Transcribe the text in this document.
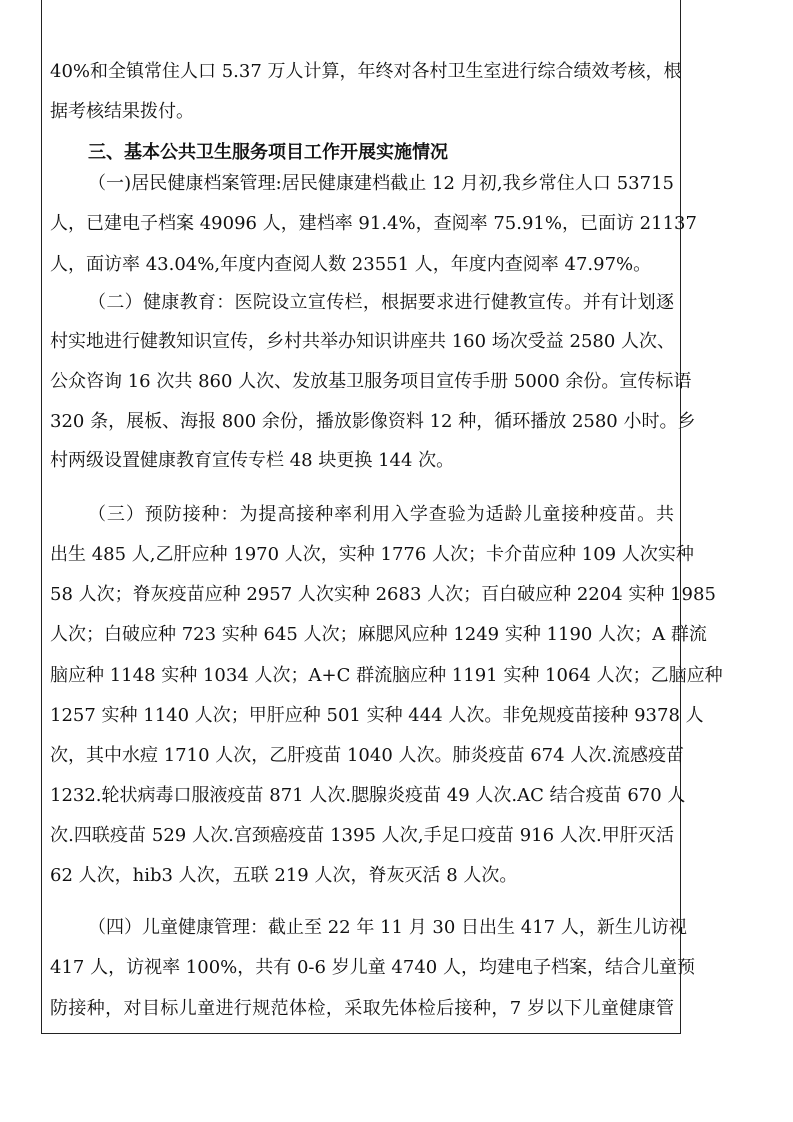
40%和全镇常住人口 5.37 万人计算，年终对各村卫生室进行综合绩效考核，根
据考核结果拨付。
三、基本公共卫生服务项目工作开展实施情况
（一)居民健康档案管理:居民健康建档截止 12 月初,我乡常住人口 53715
人，已建电子档案 49096 人，建档率 91.4%，查阅率 75.91%，已面访 21137
人，面访率 43.04%,年度内查阅人数 23551 人，年度内查阅率 47.97%。
（二）健康教育：医院设立宣传栏，根据要求进行健教宣传。并有计划逐
村实地进行健教知识宣传，乡村共举办知识讲座共 160 场次受益 2580 人次、
公众咨询 16 次共 860 人次、发放基卫服务项目宣传手册 5000 余份。宣传标语
320 条，展板、海报 800 余份，播放影像资料 12 种，循环播放 2580 小时。乡
村两级设置健康教育宣传专栏 48 块更换 144 次。
（三）预防接种：为提高接种率利用入学查验为适龄儿童接种疫苗。共
出生 485 人,乙肝应种 1970 人次，实种 1776 人次；卡介苗应种 109 人次实种
58 人次；脊灰疫苗应种 2957 人次实种 2683 人次；百白破应种 2204 实种 1985
人次；白破应种 723 实种 645 人次；麻腮风应种 1249 实种 1190 人次；A 群流
脑应种 1148 实种 1034 人次；A+C 群流脑应种 1191 实种 1064 人次；乙脑应种
1257 实种 1140 人次；甲肝应种 501 实种 444 人次。非免规疫苗接种 9378 人
次，其中水痘 1710 人次，乙肝疫苗 1040 人次。肺炎疫苗 674 人次.流感疫苗
1232.轮状病毒口服液疫苗 871 人次.腮腺炎疫苗 49 人次.AC 结合疫苗 670 人
次.四联疫苗 529 人次.宫颈癌疫苗 1395 人次,手足口疫苗 916 人次.甲肝灭活
62 人次，hib3 人次，五联 219 人次，脊灰灭活 8 人次。
（四）儿童健康管理：截止至 22 年 11 月 30 日出生 417 人，新生儿访视
417 人，访视率 100%，共有 0-6 岁儿童 4740 人，均建电子档案，结合儿童预
防接种，对目标儿童进行规范体检，采取先体检后接种，7 岁以下儿童健康管
